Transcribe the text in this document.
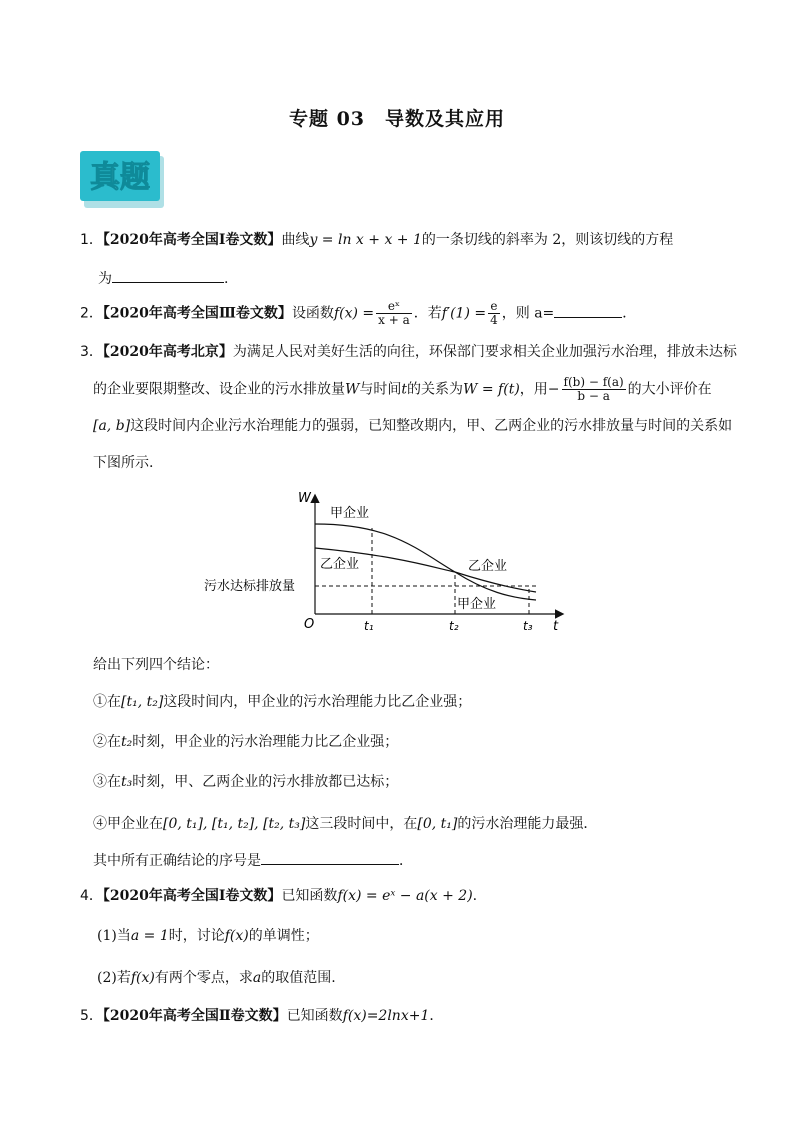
专题 03　导数及其应用
真题
1．【2020年高考全国Ⅰ卷文数】曲线y = ln x + x + 1的一条切线的斜率为 2，则该切线的方程
为	.
2．【2020年高考全国Ⅲ卷文数】设函数$f(x) = \frac{\text{eˣ}}{x + a}$ ．若$f'(1) = \frac{e}{4}$ ，则 a=	．
3．【2020年高考北京】为满足人民对美好生活的向往，环保部门要求相关企业加强污水治理，排放未达标
的企业要限期整改、设企业的污水排放量W与时间t的关系为W = f(t)，用− $\frac{f(b) - f(a)}{b - a}$ 的大小评价在
[a, b]这段时间内企业污水治理能力的强弱，已知整改期内，甲、乙两企业的污水排放量与时间的关系如
下图所示.
W
t
O	t₁	t₂	t₃
甲企业
乙企业	乙企业
甲企业
污水达标排放量
给出下列四个结论：
①在[t₁, t₂]这段时间内，甲企业的污水治理能力比乙企业强；
②在t₂时刻，甲企业的污水治理能力比乙企业强；
③在t₃时刻，甲、乙两企业的污水排放都已达标；
④甲企业在[0, t₁], [t₁, t₂], [t₂, t₃]这三段时间中，在[0, t₁]的污水治理能力最强．
其中所有正确结论的序号是	．
4．【2020年高考全国Ⅰ卷文数】已知函数f(x) = eˣ − a(x + 2).
(1)当a = 1时，讨论f(x)的单调性；
(2)若f(x)有两个零点，求a的取值范围.
5．【2020年高考全国Ⅱ卷文数】已知函数f(x)=2lnx+1．
